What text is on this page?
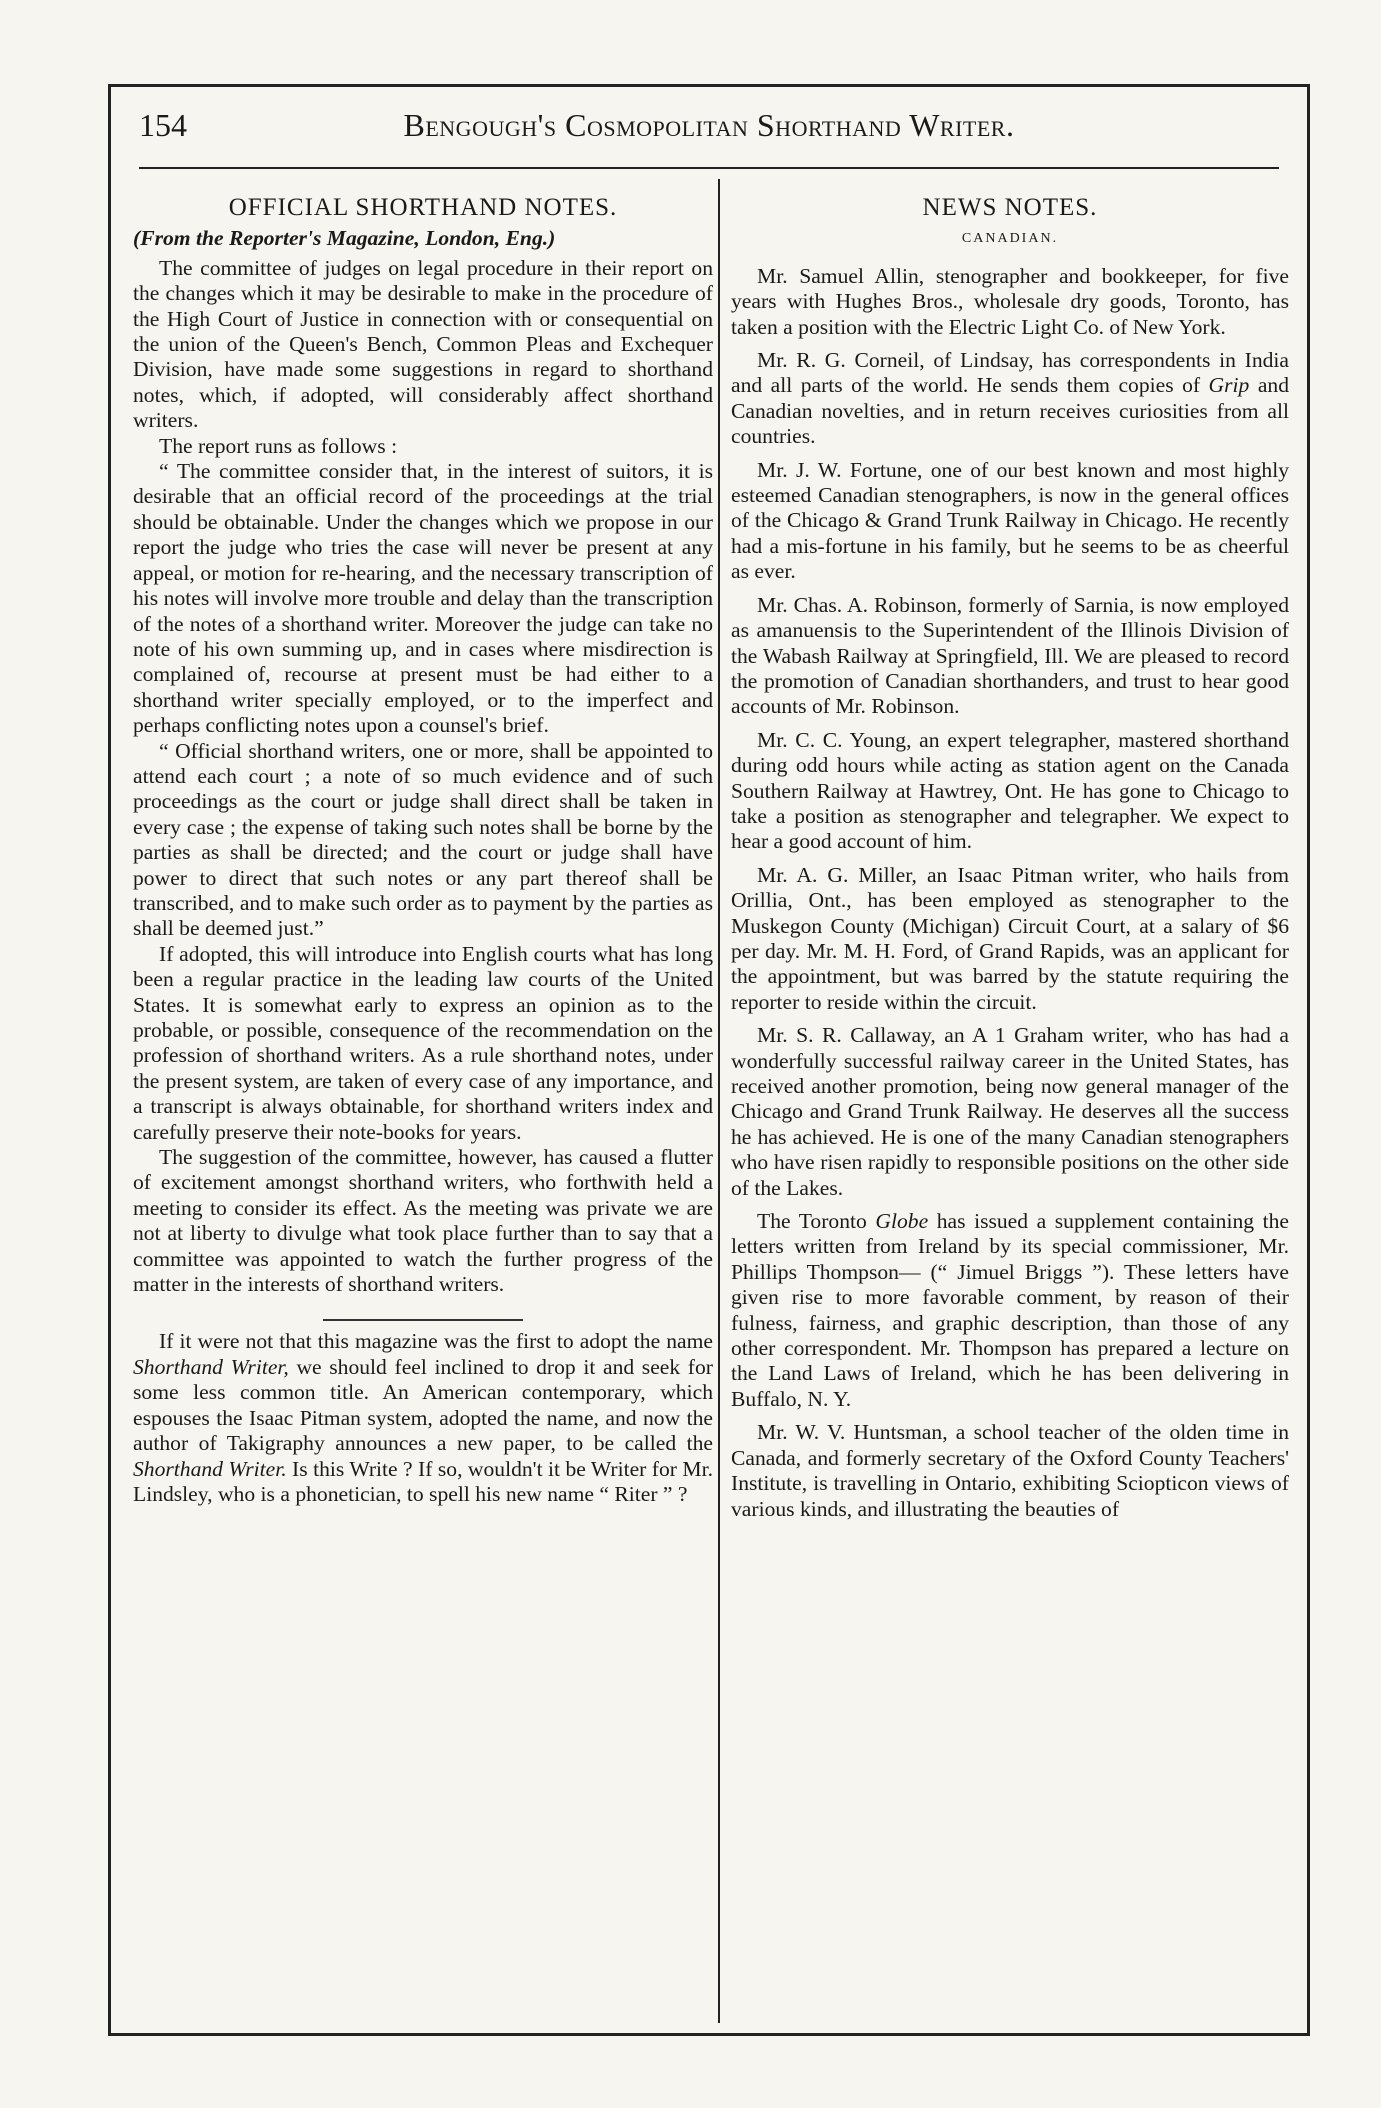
154	Bengough's Cosmopolitan Shorthand Writer.
OFFICIAL SHORTHAND NOTES.
(From the Reporter's Magazine, London, Eng.)

The committee of judges on legal procedure in their report on the changes which it may be desirable to make in the procedure of the High Court of Justice in connection with or consequential on the union of the Queen's Bench, Common Pleas and Exchequer Division, have made some suggestions in regard to shorthand notes, which, if adopted, will considerably affect shorthand writers.

The report runs as follows :

“ The committee consider that, in the interest of suitors, it is desirable that an official record of the proceedings at the trial should be obtainable. Under the changes which we propose in our report the judge who tries the case will never be present at any appeal, or motion for re-hearing, and the necessary transcription of his notes will involve more trouble and delay than the transcription of the notes of a shorthand writer. Moreover the judge can take no note of his own summing up, and in cases where misdirection is complained of, recourse at present must be had either to a shorthand writer specially employed, or to the imperfect and perhaps conflicting notes upon a counsel's brief.

“ Official shorthand writers, one or more, shall be appointed to attend each court ; a note of so much evidence and of such proceedings as the court or judge shall direct shall be taken in every case ; the expense of taking such notes shall be borne by the parties as shall be directed; and the court or judge shall have power to direct that such notes or any part thereof shall be transcribed, and to make such order as to payment by the parties as shall be deemed just.”

If adopted, this will introduce into English courts what has long been a regular practice in the leading law courts of the United States. It is somewhat early to express an opinion as to the probable, or possible, consequence of the recommendation on the profession of shorthand writers. As a rule shorthand notes, under the present system, are taken of every case of any importance, and a transcript is always obtainable, for shorthand writers index and carefully preserve their note-books for years.

The suggestion of the committee, however, has caused a flutter of excitement amongst shorthand writers, who forthwith held a meeting to consider its effect. As the meeting was private we are not at liberty to divulge what took place further than to say that a committee was appointed to watch the further progress of the matter in the interests of shorthand writers.

If it were not that this magazine was the first to adopt the name Shorthand Writer, we should feel inclined to drop it and seek for some less common title. An American contemporary, which espouses the Isaac Pitman system, adopted the name, and now the author of Takigraphy announces a new paper, to be called the Shorthand Writer. Is this Write ? If so, wouldn't it be Writer for Mr. Lindsley, who is a phonetician, to spell his new name “ Riter ” ?

NEWS NOTES.
CANADIAN.

Mr. Samuel Allin, stenographer and bookkeeper, for five years with Hughes Bros., wholesale dry goods, Toronto, has taken a position with the Electric Light Co. of New York.

Mr. R. G. Corneil, of Lindsay, has correspondents in India and all parts of the world. He sends them copies of Grip and Canadian novelties, and in return receives curiosities from all countries.

Mr. J. W. Fortune, one of our best known and most highly esteemed Canadian stenographers, is now in the general offices of the Chicago & Grand Trunk Railway in Chicago. He recently had a mis-fortune in his family, but he seems to be as cheerful as ever.

Mr. Chas. A. Robinson, formerly of Sarnia, is now employed as amanuensis to the Superintendent of the Illinois Division of the Wabash Railway at Springfield, Ill. We are pleased to record the promotion of Canadian shorthanders, and trust to hear good accounts of Mr. Robinson.

Mr. C. C. Young, an expert telegrapher, mastered shorthand during odd hours while acting as station agent on the Canada Southern Railway at Hawtrey, Ont. He has gone to Chicago to take a position as stenographer and telegrapher. We expect to hear a good account of him.

Mr. A. G. Miller, an Isaac Pitman writer, who hails from Orillia, Ont., has been employed as stenographer to the Muskegon County (Michigan) Circuit Court, at a salary of $6 per day. Mr. M. H. Ford, of Grand Rapids, was an applicant for the appointment, but was barred by the statute requiring the reporter to reside within the circuit.

Mr. S. R. Callaway, an A 1 Graham writer, who has had a wonderfully successful railway career in the United States, has received another promotion, being now general manager of the Chicago and Grand Trunk Railway. He deserves all the success he has achieved. He is one of the many Canadian stenographers who have risen rapidly to responsible positions on the other side of the Lakes.

The Toronto Globe has issued a supplement containing the letters written from Ireland by its special commissioner, Mr. Phillips Thompson— (“ Jimuel Briggs ”). These letters have given rise to more favorable comment, by reason of their fulness, fairness, and graphic description, than those of any other correspondent. Mr. Thompson has prepared a lecture on the Land Laws of Ireland, which he has been delivering in Buffalo, N. Y.

Mr. W. V. Huntsman, a school teacher of the olden time in Canada, and formerly secretary of the Oxford County Teachers' Institute, is travelling in Ontario, exhibiting Sciopticon views of various kinds, and illustrating the beauties of
